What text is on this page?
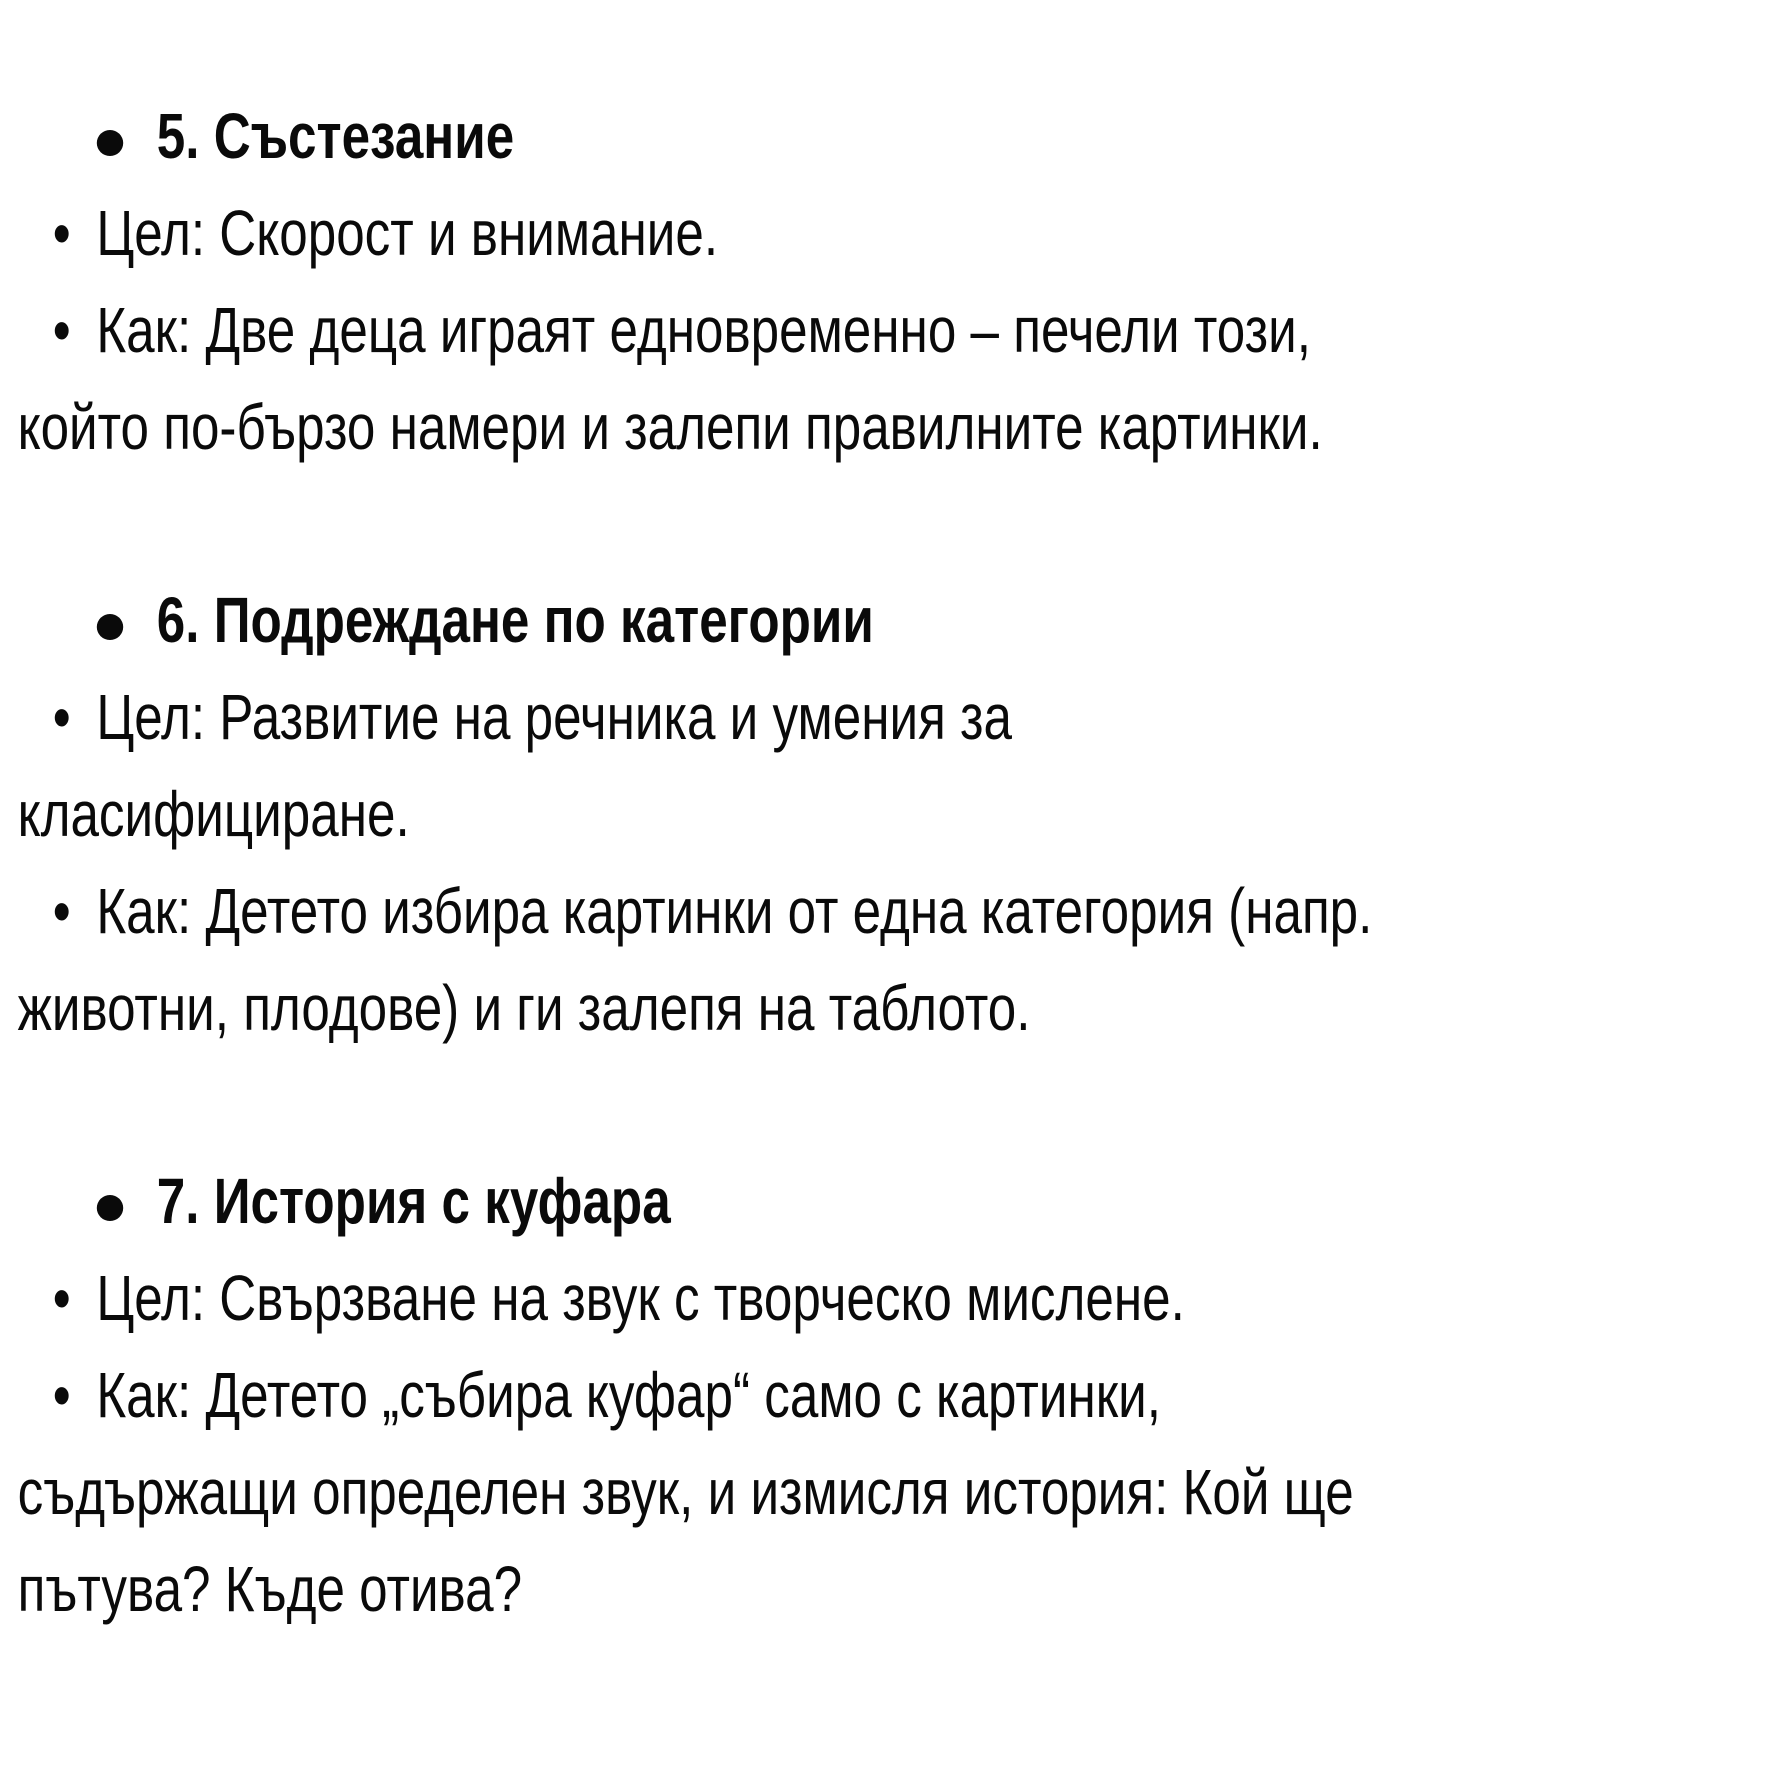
5. Състезание

• Цел: Скорост и внимание.

• Как: Две деца играят едновременно – печели този,
който по-бързо намери и залепи правилните картинки.

6. Подреждане по категории

• Цел: Развитие на речника и умения за
класифициране.

• Как: Детето избира картинки от една категория (напр.
животни, плодове) и ги залепя на таблото.

7. История с куфара

• Цел: Свързване на звук с творческо мислене.

• Как: Детето „събира куфар“ само с картинки,
съдържащи определен звук, и измисля история: Кой ще
пътува? Къде отива?
